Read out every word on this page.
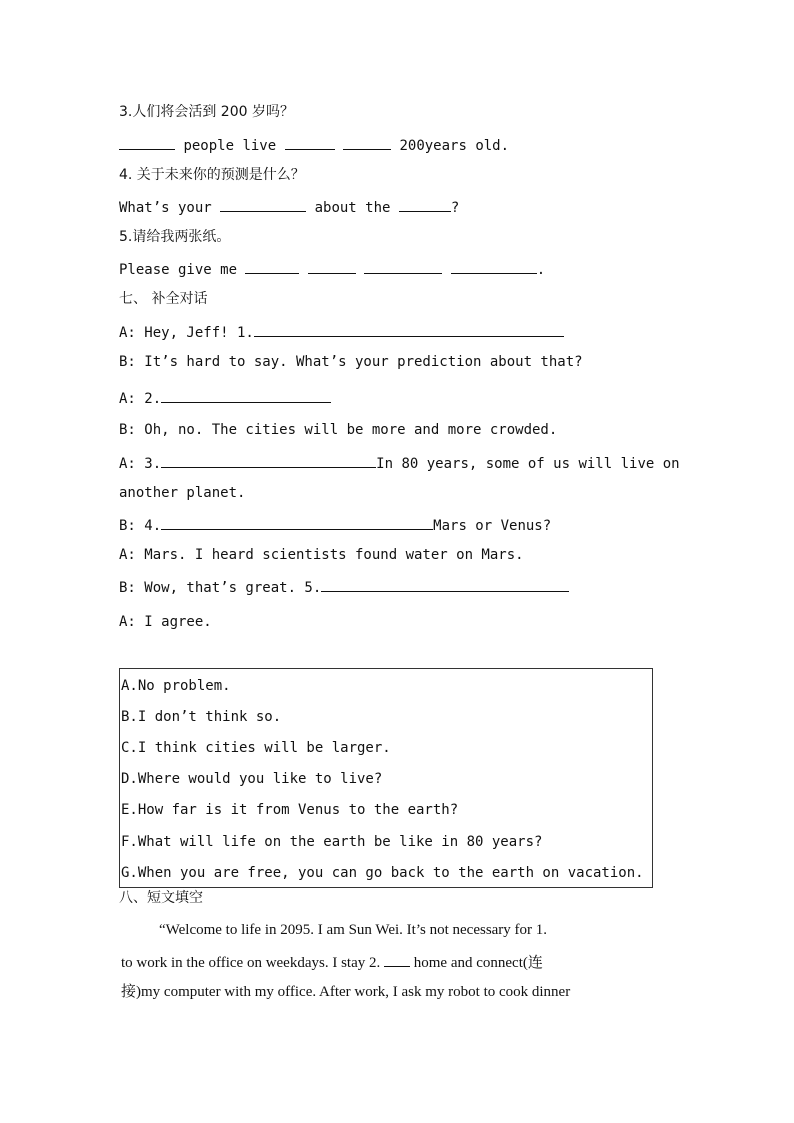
3.人们将会活到 200 岁吗？
people live	200years old.
4. 关于未来你的预测是什么？
What’s your	about the	?
5.请给我两张纸。
Please give me	.
七、 补全对话
A: Hey, Jeff! 1.
B: It’s hard to say. What’s your prediction about that?
A: 2.
B: Oh, no. The cities will be more and more crowded.
A: 3.	In 80 years, some of us will live on
another planet.
B: 4.	Mars or Venus?
A: Mars. I heard scientists found water on Mars.
B: Wow, that’s great. 5.
A: I agree.
A.No problem.
B.I don’t think so.
C.I think cities will be larger.
D.Where would you like to live?
E.How far is it from Venus to the earth?
F.What will life on the earth be like in 80 years?
G.When you are free, you can go back to the earth on vacation.
八、短文填空
“Welcome to life in 2095. I am Sun Wei. It’s not necessary for 1.
to work in the office on weekdays. I stay 2. home and connect(连
接)my computer with my office. After work, I ask my robot to cook dinner
